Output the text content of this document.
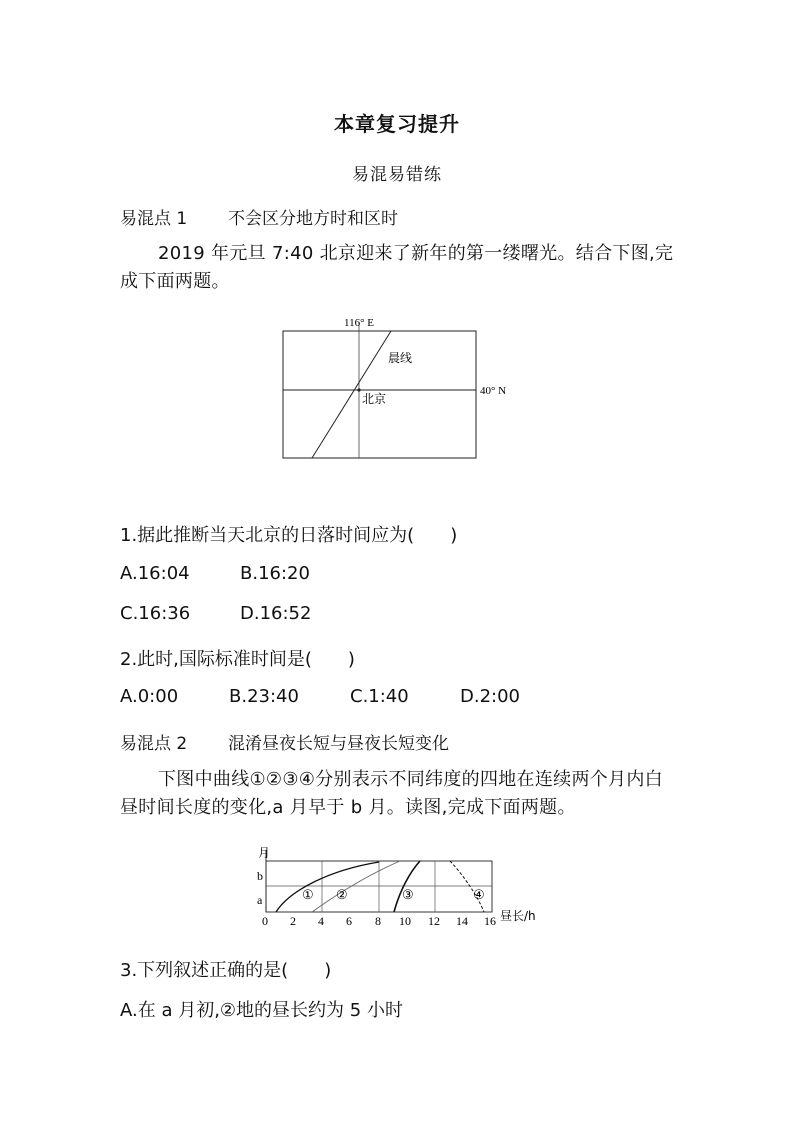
本章复习提升
易混易错练
易混点 1 不会区分地方时和区时
2019 年元旦 7:40 北京迎来了新年的第一缕曙光。结合下图,完成下面两题。
116° E
40° N
晨线
北京
1.据此推断当天北京的日落时间应为(　　)
A.16:04	B.16:20
C.16:36	D.16:52
2.此时,国际标准时间是(　　)
A.0:00	B.23:40	C.1:40	D.2:00
易混点 2 混淆昼夜长短与昼夜长短变化
下图中曲线①②③④分别表示不同纬度的四地在连续两个月内白昼时间长度的变化,a 月早于 b 月。读图,完成下面两题。
① ②	③	④
月
b
a
0 2 4 6 8 10 12 14 16 昼长/h
3.下列叙述正确的是(　　)
A.在 a 月初,②地的昼长约为 5 小时
